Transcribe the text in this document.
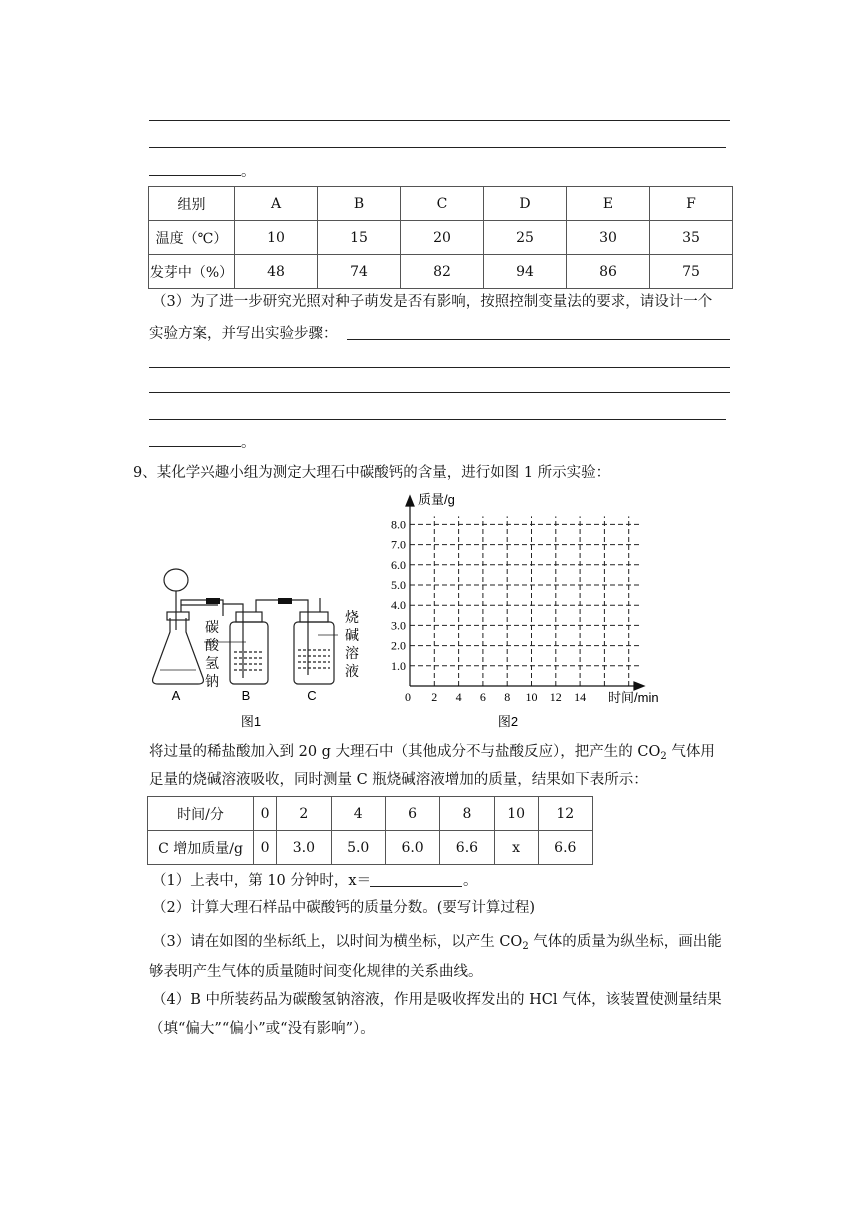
。
组别	A	B	C	D	E	F
温度（℃）	10	15	20	25	30	35
发芽中（%）	48	74	82	94	86	75
（3）为了进一步研究光照对种子萌发是否有影响，按照控制变量法的要求，请设计一个
实验方案，并写出实验步骤：
。
9、某化学兴趣小组为测定大理石中碳酸钙的含量，进行如图 1 所示实验：
A	B	C
碳
酸
氢
钠
烧
碱
溶
液
图1
8.0
7.0
6.0
5.0
4.0
3.0
2.0
1.0
0 2 4 6 8 10 12 14
质量/g
时间/min
图2
将过量的稀盐酸加入到 20 g 大理石中（其他成分不与盐酸反应），把产生的 $CO_2$ 气体用
足量的烧碱溶液吸收，同时测量 C 瓶烧碱溶液增加的质量，结果如下表所示：
时间/分	0	2	4	6	8	10	12
C 增加质量/g	0	3.0	5.0	6.0	6.6	x	6.6
（1）上表中，第 10 分钟时，x＝	。
（2）计算大理石样品中碳酸钙的质量分数。(要写计算过程)
（3）请在如图的坐标纸上，以时间为横坐标，以产生 $CO_2$ 气体的质量为纵坐标，画出能
够表明产生气体的质量随时间变化规律的关系曲线。
（4）B 中所装药品为碳酸氢钠溶液，作用是吸收挥发出的 HCl 气体，该装置使测量结果
（填“偏大”“偏小”或“没有影响”）。
